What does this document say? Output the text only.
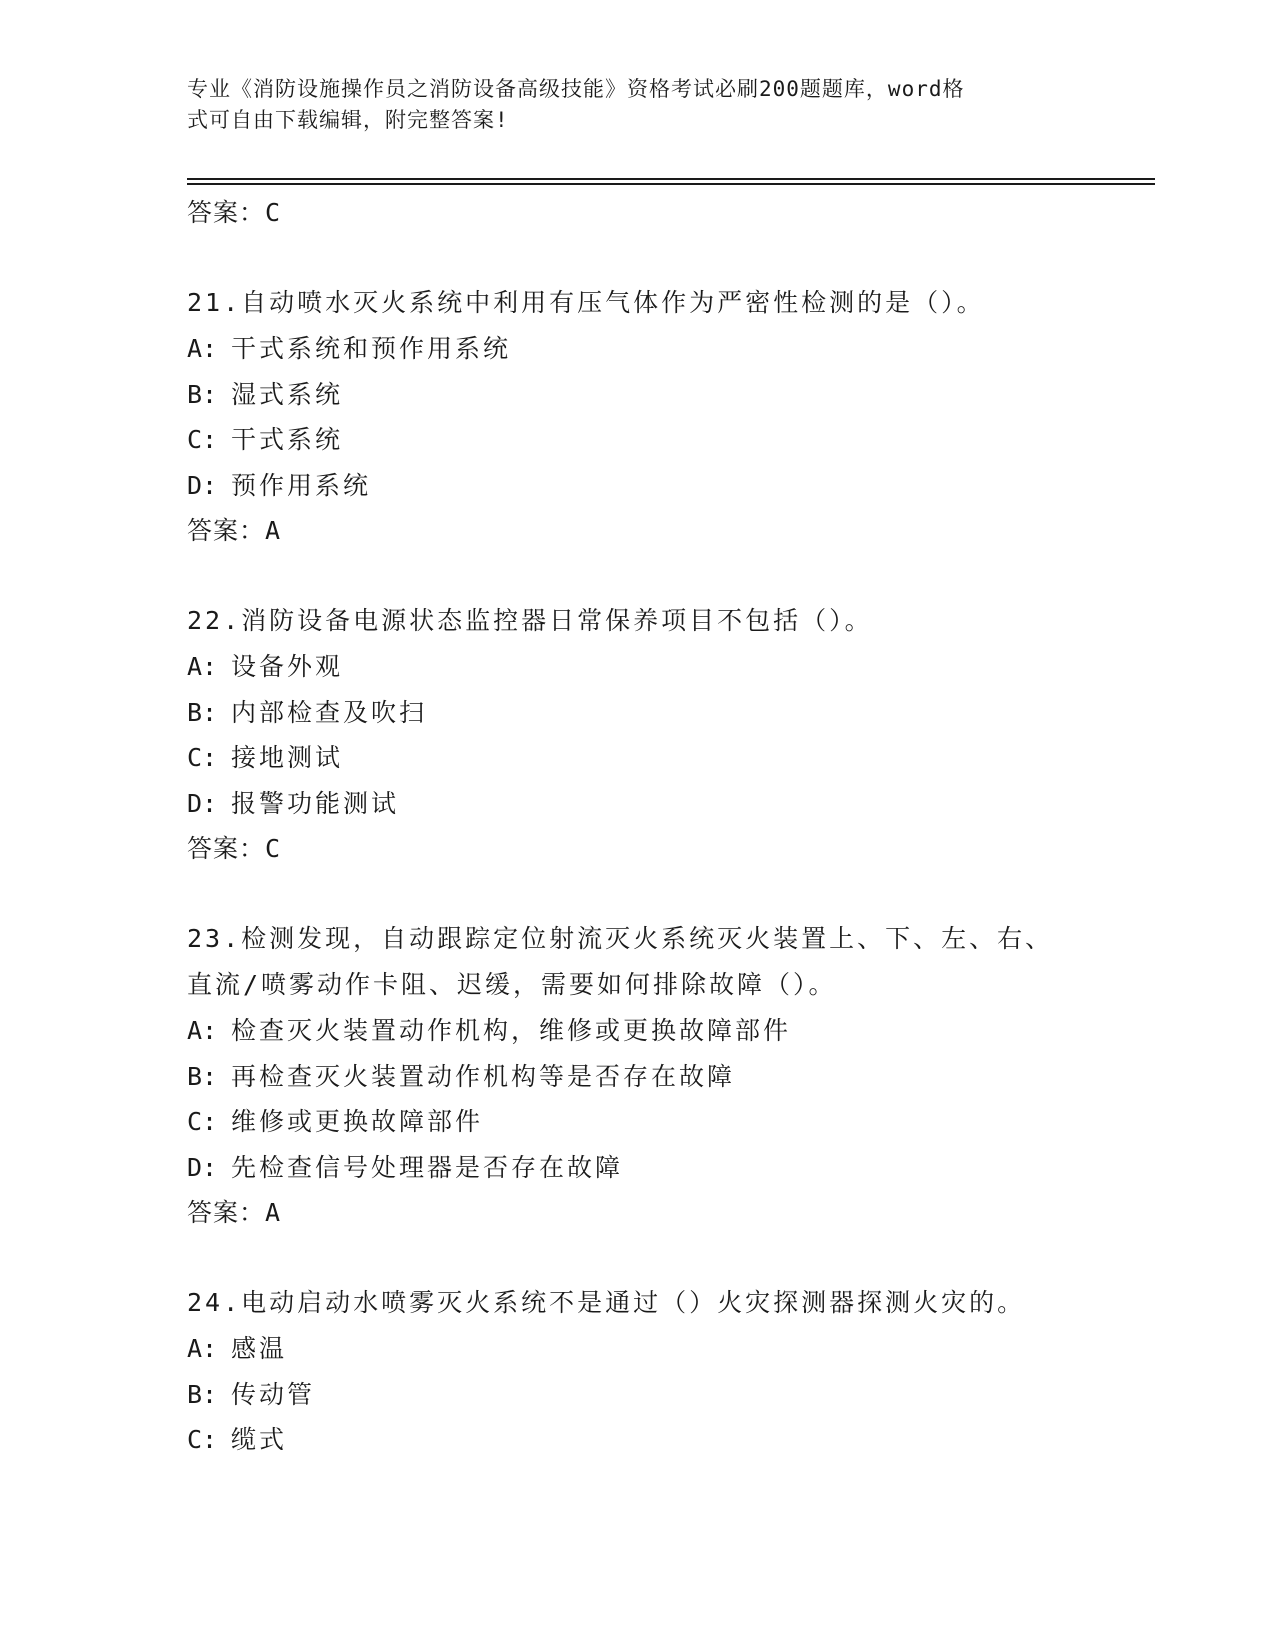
专业《消防设施操作员之消防设备高级技能》资格考试必刷200题题库，word格
式可自由下载编辑，附完整答案!
答案：C
21.自动喷水灭火系统中利用有压气体作为严密性检测的是（）。
A: 干式系统和预作用系统
B: 湿式系统
C: 干式系统
D: 预作用系统
答案：A
22.消防设备电源状态监控器日常保养项目不包括（）。
A: 设备外观
B: 内部检查及吹扫
C: 接地测试
D: 报警功能测试
答案：C
23.检测发现，自动跟踪定位射流灭火系统灭火装置上、下、左、右、
直流/喷雾动作卡阻、迟缓，需要如何排除故障（）。
A: 检查灭火装置动作机构，维修或更换故障部件
B: 再检查灭火装置动作机构等是否存在故障
C: 维修或更换故障部件
D: 先检查信号处理器是否存在故障
答案：A
24.电动启动水喷雾灭火系统不是通过（）火灾探测器探测火灾的。
A: 感温
B: 传动管
C: 缆式
